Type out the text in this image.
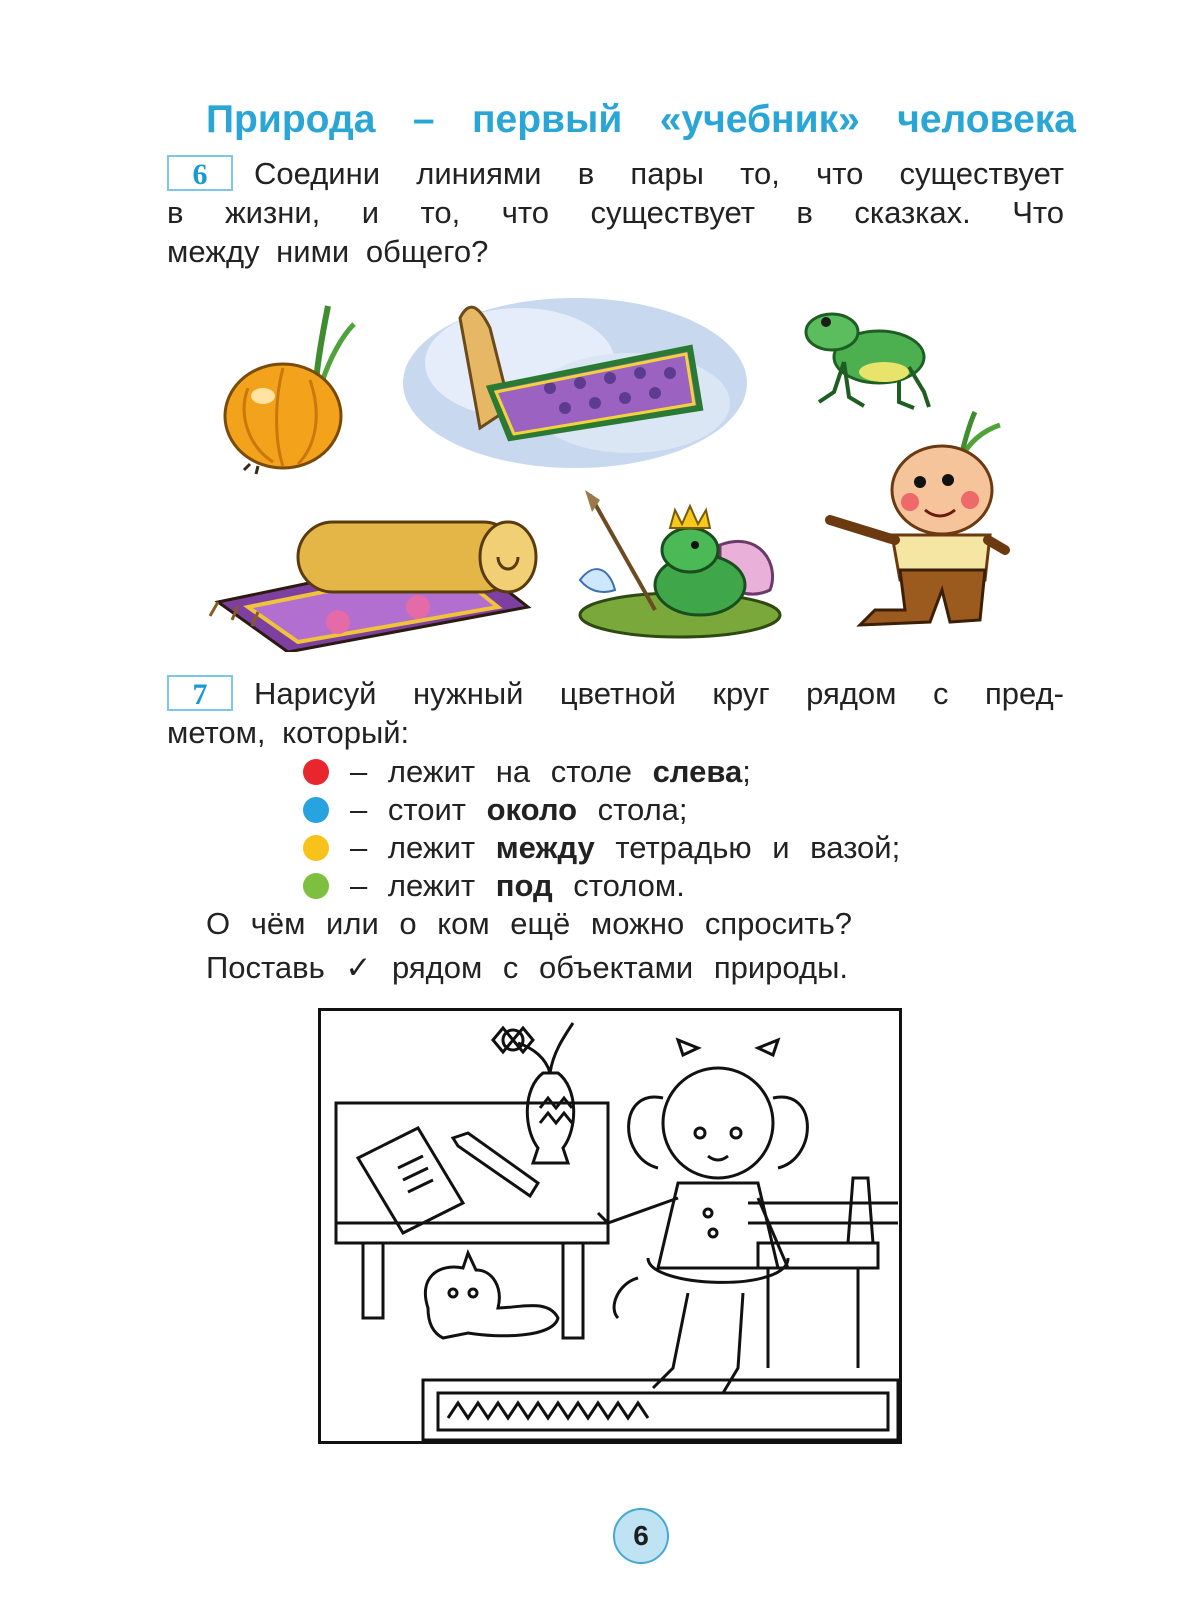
Природа – первый «учебник» человека
6	Соедини линиями в пары то, что существует
в жизни, и то, что существует в сказках. Что
между ними общего?
7	Нарисуй нужный цветной круг рядом с пред-
метом, который:
– лежит на столе слева;
– стоит около стола;
– лежит между тетрадью и вазой;
– лежит под столом.
О чём или о ком ещё можно спросить?
Поставь ✓ рядом с объектами природы.
6
